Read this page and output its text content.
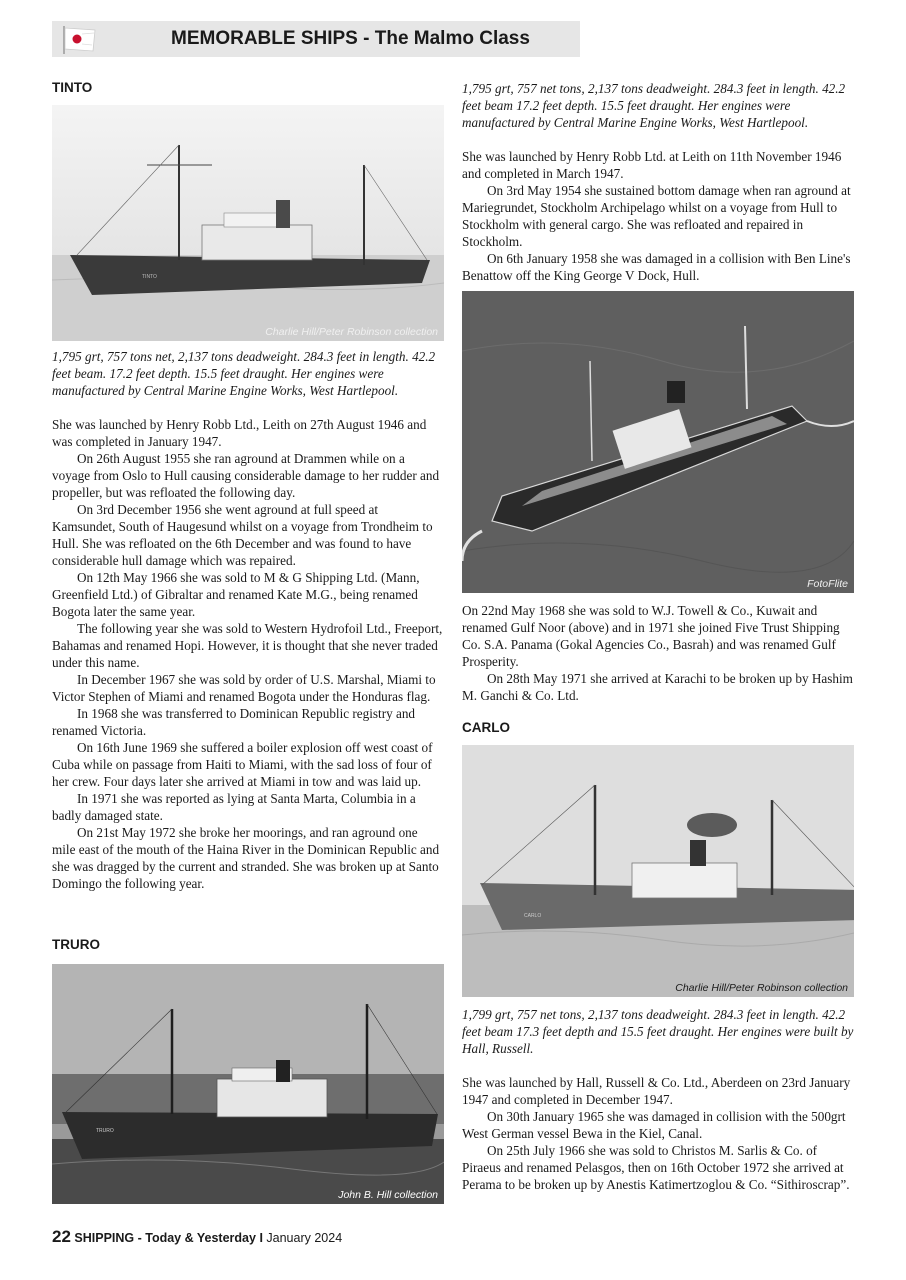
MEMORABLE SHIPS - The Malmo Class

TINTO

TINTO
Charlie Hill/Peter Robinson collection

1,795 grt, 757 tons net, 2,137 tons deadweight. 284.3 feet in length. 42.2 feet beam. 17.2 feet depth. 15.5 feet draught. Her engines were manufactured by Central Marine Engine Works, West Hartlepool.

She was launched by Henry Robb Ltd., Leith on 27th August 1946 and was completed in January 1947.

On 26th August 1955 she ran aground at Drammen while on a voyage from Oslo to Hull causing considerable damage to her rudder and propeller, but was refloated the following day.

On 3rd December 1956 she went aground at full speed at Kamsundet, South of Haugesund whilst on a voyage from Trondheim to Hull. She was refloated on the 6th December and was found to have considerable hull damage which was repaired.

On 12th May 1966 she was sold to M & G Shipping Ltd. (Mann, Greenfield Ltd.) of Gibraltar and renamed Kate M.G., being renamed Bogota later the same year.

The following year she was sold to Western Hydrofoil Ltd., Freeport, Bahamas and renamed Hopi. However, it is thought that she never traded under this name.

In December 1967 she was sold by order of U.S. Marshal, Miami to Victor Stephen of Miami and renamed Bogota under the Honduras flag.

In 1968 she was transferred to Dominican Republic registry and renamed Victoria.

On 16th June 1969 she suffered a boiler explosion off west coast of Cuba while on passage from Haiti to Miami, with the sad loss of four of her crew. Four days later she arrived at Miami in tow and was laid up.

In 1971 she was reported as lying at Santa Marta, Columbia in a badly damaged state.

On 21st May 1972 she broke her moorings, and ran aground one mile east of the mouth of the Haina River in the Dominican Republic and she was dragged by the current and stranded. She was broken up at Santo Domingo the following year.

TRURO

TRURO
John B. Hill collection

1,795 grt, 757 net tons, 2,137 tons deadweight. 284.3 feet in length. 42.2 feet beam 17.2 feet depth. 15.5 feet draught. Her engines were manufactured by Central Marine Engine Works, West Hartlepool.

She was launched by Henry Robb Ltd. at Leith on 11th November 1946 and completed in March 1947.

On 3rd May 1954 she sustained bottom damage when ran aground at Mariegrundet, Stockholm Archipelago whilst on a voyage from Hull to Stockholm with general cargo. She was refloated and repaired in Stockholm.

On 6th January 1958 she was damaged in a collision with Ben Line's Benattow off the King George V Dock, Hull.

FotoFlite

On 22nd May 1968 she was sold to W.J. Towell & Co., Kuwait and renamed Gulf Noor (above) and in 1971 she joined Five Trust Shipping Co. S.A. Panama (Gokal Agencies Co., Basrah) and was renamed Gulf Prosperity.

On 28th May 1971 she arrived at Karachi to be broken up by Hashim M. Ganchi & Co. Ltd.

CARLO

CARLO
Charlie Hill/Peter Robinson collection

1,799 grt, 757 net tons, 2,137 tons deadweight. 284.3 feet in length. 42.2 feet beam 17.3 feet depth and 15.5 feet draught. Her engines were built by Hall, Russell.

She was launched by Hall, Russell & Co. Ltd., Aberdeen on 23rd January 1947 and completed in December 1947.

On 30th January 1965 she was damaged in collision with the 500grt West German vessel Bewa in the Kiel, Canal.

On 25th July 1966 she was sold to Christos M. Sarlis & Co. of Piraeus and renamed Pelasgos, then on 16th October 1972 she arrived at Perama to be broken up by Anestis Katimertzoglou & Co. “Sithiroscrap”.

22 SHIPPING - Today & Yesterday I January 2024
